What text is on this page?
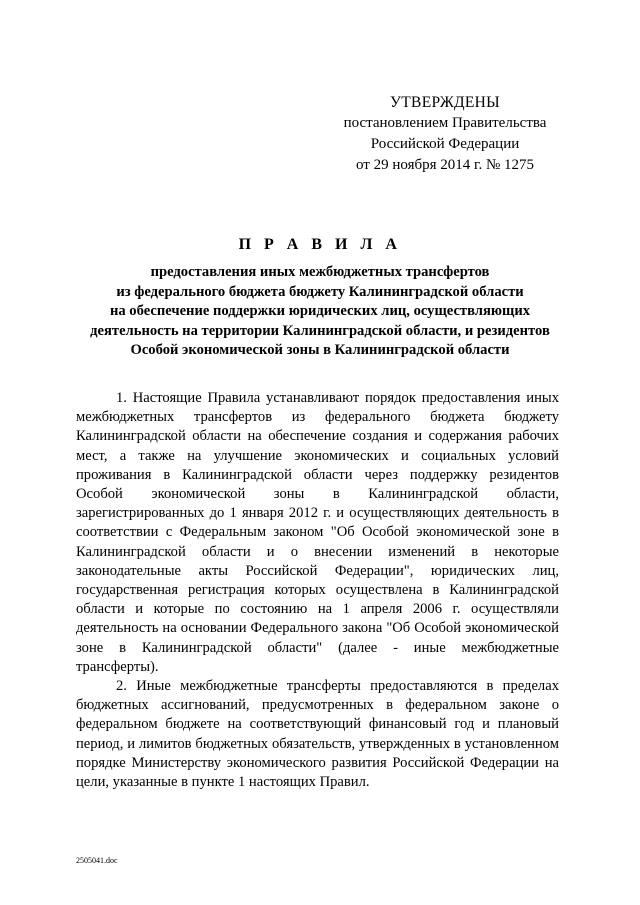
УТВЕРЖДЕНЫ
постановлением Правительства
Российской Федерации
от 29 ноября 2014 г. № 1275
П Р А В И Л А
предоставления иных межбюджетных трансфертов
из федерального бюджета бюджету Калининградской области
на обеспечение поддержки юридических лиц, осуществляющих
деятельность на территории Калининградской области, и резидентов
Особой экономической зоны в Калининградской области

1. Настоящие Правила устанавливают порядок предоставления иных межбюджетных трансфертов из федерального бюджета бюджету Калининградской области на обеспечение создания и содержания рабочих мест, а также на улучшение экономических и социальных условий проживания в Калининградской области через поддержку резидентов Особой экономической зоны в Калининградской области, зарегистрированных до 1 января 2012 г. и осуществляющих деятельность в соответствии с Федеральным законом "Об Особой экономической зоне в Калининградской области и о внесении изменений в некоторые законодательные акты Российской Федерации", юридических лиц, государственная регистрация которых осуществлена в Калининградской области и которые по состоянию на 1 апреля 2006 г. осуществляли деятельность на основании Федерального закона "Об Особой экономической зоне в Калининградской области" (далее - иные межбюджетные трансферты).

2. Иные межбюджетные трансферты предоставляются в пределах бюджетных ассигнований, предусмотренных в федеральном законе о федеральном бюджете на соответствующий финансовый год и плановый период, и лимитов бюджетных обязательств, утвержденных в установленном порядке Министерству экономического развития Российской Федерации на цели, указанные в пункте 1 настоящих Правил.

2505041.doc
